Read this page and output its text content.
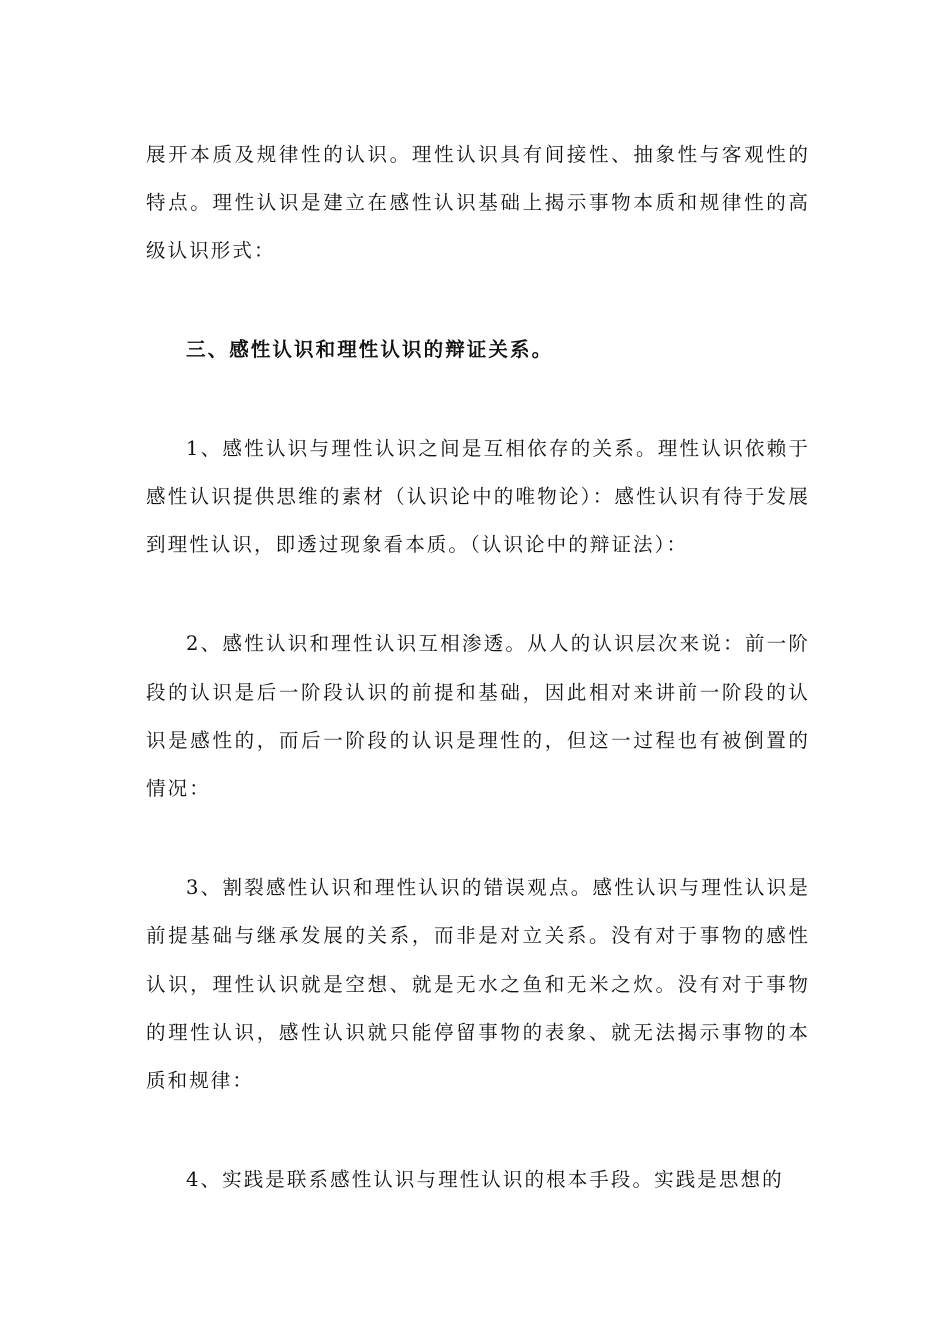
展开本质及规律性的认识。理性认识具有间接性、抽象性与客观性的特点。理性认识是建立在感性认识基础上揭示事物本质和规律性的高级认识形式：

三、感性认识和理性认识的辩证关系。

1、感性认识与理性认识之间是互相依存的关系。理性认识依赖于感性认识提供思维的素材（认识论中的唯物论）：感性认识有待于发展到理性认识，即透过现象看本质。（认识论中的辩证法）：

2、感性认识和理性认识互相渗透。从人的认识层次来说：前一阶段的认识是后一阶段认识的前提和基础，因此相对来讲前一阶段的认识是感性的，而后一阶段的认识是理性的，但这一过程也有被倒置的情况：

3、割裂感性认识和理性认识的错误观点。感性认识与理性认识是前提基础与继承发展的关系，而非是对立关系。没有对于事物的感性认识，理性认识就是空想、就是无水之鱼和无米之炊。没有对于事物的理性认识，感性认识就只能停留事物的表象、就无法揭示事物的本质和规律：

4、实践是联系感性认识与理性认识的根本手段。实践是思想的
